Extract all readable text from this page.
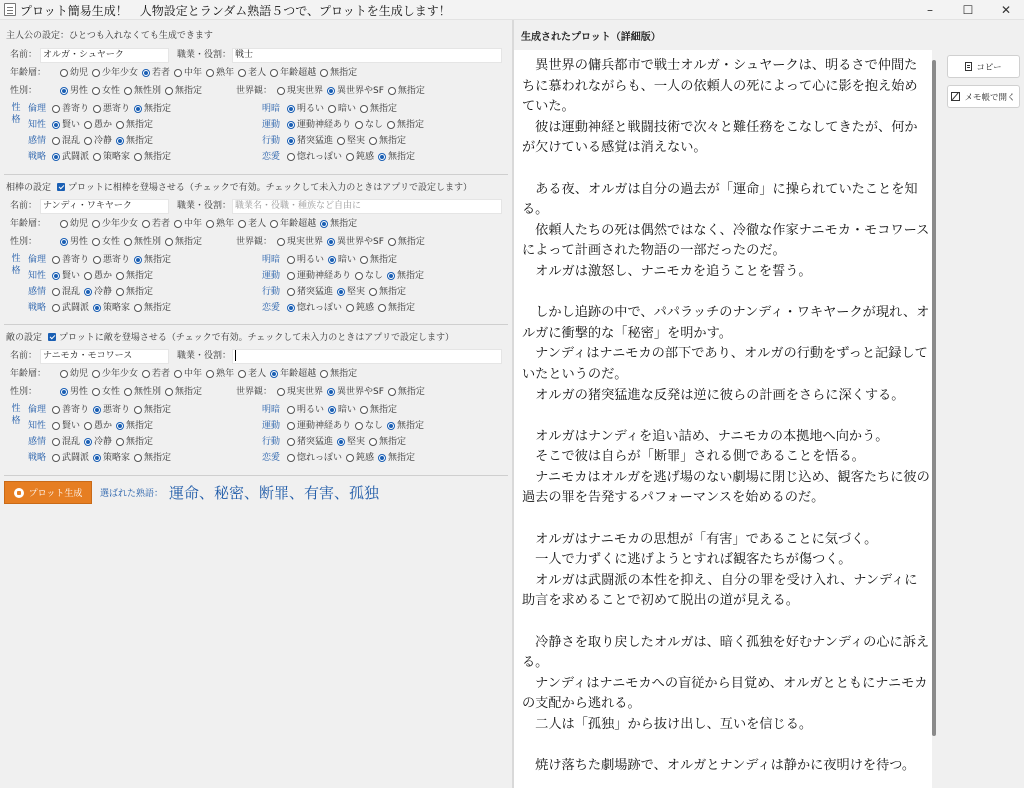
プロット簡易生成！　人物設定とランダム熟語５つで、プロットを生成します！	–	☐	✕
主人公の設定：ひとつも入れなくても生成できます
相棒の設定 プロットに相棒を登場させる（チェックで有効。チェックして未入力のときはアプリで設定します）
敵の設定 プロットに敵を登場させる（チェックで有効。チェックして未入力のときはアプリで設定します）
プロット生成 選ばれた熟語： 運命、秘密、断罪、有害、孤独
名前： オルガ・シュヤーク	職業・役割： 戦士
年齢層：	幼児 少年少女 若者 中年 熟年 老人 年齢超越 無指定
性別：	男性 女性 無性別 無指定	世界観： 現実世界 異世界やSF 無指定
性格
倫理 善寄り 悪寄り 無指定	明暗 明るい 暗い 無指定
知性 賢い 愚か 無指定	運動 運動神経あり なし 無指定
感情 混乱 冷静 無指定	行動 猪突猛進 堅実 無指定
戦略 武闘派 策略家 無指定	恋愛 惚れっぽい 鈍感 無指定
名前： ナンディ・ワキヤーク	職業・役割： 職業名・役職・種族など自由に
年齢層：	幼児 少年少女 若者 中年 熟年 老人 年齢超越 無指定
性別：	男性 女性 無性別 無指定	世界観： 現実世界 異世界やSF 無指定
性格
倫理 善寄り 悪寄り 無指定	明暗 明るい 暗い 無指定
知性 賢い 愚か 無指定	運動 運動神経あり なし 無指定
感情 混乱 冷静 無指定	行動 猪突猛進 堅実 無指定
戦略 武闘派 策略家 無指定	恋愛 惚れっぽい 鈍感 無指定
名前： ナニモカ・モコワース	職業・役割：
年齢層：	幼児 少年少女 若者 中年 熟年 老人 年齢超越 無指定
性別：	男性 女性 無性別 無指定	世界観： 現実世界 異世界やSF 無指定
性格
倫理 善寄り 悪寄り 無指定	明暗 明るい 暗い 無指定
知性 賢い 愚か 無指定	運動 運動神経あり なし 無指定
感情 混乱 冷静 無指定	行動 猪突猛進 堅実 無指定
戦略 武闘派 策略家 無指定	恋愛 惚れっぽい 鈍感 無指定
生成されたプロット（詳細版）

　異世界の傭兵都市で戦士オルガ・シュヤークは、明るさで仲間たちに慕われながらも、一人の依頼人の死によって心に影を抱え始めていた。

　彼は運動神経と戦闘技術で次々と難任務をこなしてきたが、何かが欠けている感覚は消えない。

　ある夜、オルガは自分の過去が「運命」に操られていたことを知る。

　依頼人たちの死は偶然ではなく、冷徹な作家ナニモカ・モコワースによって計画された物語の一部だったのだ。

　オルガは激怒し、ナニモカを追うことを誓う。

　しかし追跡の中で、パパラッチのナンディ・ワキヤークが現れ、オルガに衝撃的な「秘密」を明かす。

　ナンディはナニモカの部下であり、オルガの行動をずっと記録していたというのだ。

　オルガの猪突猛進な反発は逆に彼らの計画をさらに深くする。

　オルガはナンディを追い詰め、ナニモカの本拠地へ向かう。

　そこで彼は自らが「断罪」される側であることを悟る。

　ナニモカはオルガを逃げ場のない劇場に閉じ込め、観客たちに彼の過去の罪を告発するパフォーマンスを始めるのだ。

　オルガはナニモカの思想が「有害」であることに気づく。

　一人で力ずくに逃げようとすれば観客たちが傷つく。

　オルガは武闘派の本性を抑え、自分の罪を受け入れ、ナンディに助言を求めることで初めて脱出の道が見える。

　冷静さを取り戻したオルガは、暗く孤独を好むナンディの心に訴える。

　ナンディはナニモカへの盲従から目覚め、オルガとともにナニモカの支配から逃れる。

　二人は「孤独」から抜け出し、互いを信じる。

　焼け落ちた劇場跡で、オルガとナンディは静かに夜明けを待つ。

コピー
メモ帳で開く
